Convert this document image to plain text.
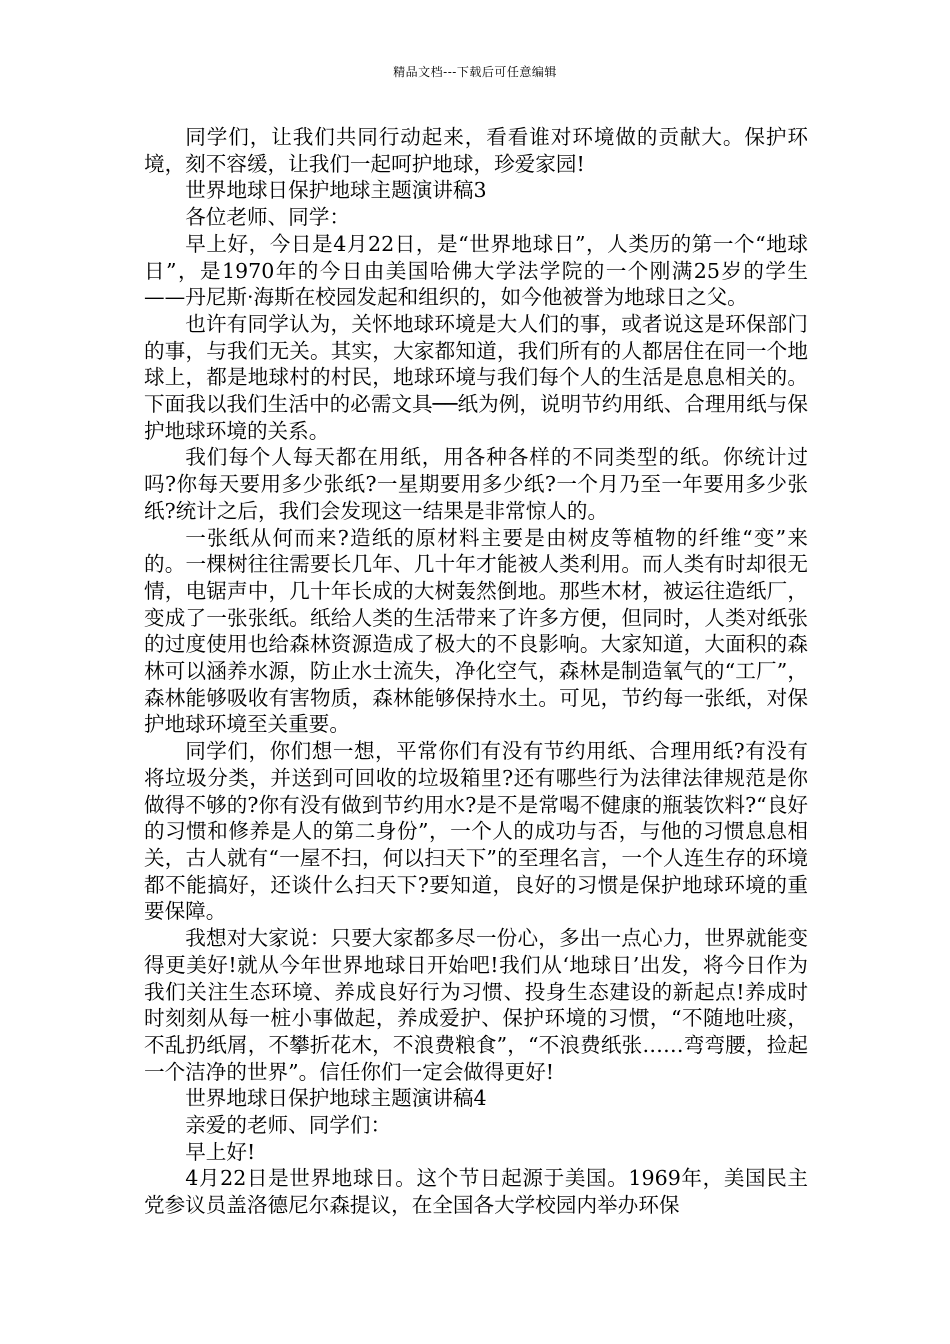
精品文档---下载后可任意编辑

同学们，让我们共同行动起来，看看谁对环境做的贡献大。保护环境，刻不容缓，让我们一起呵护地球，珍爱家园!

世界地球日保护地球主题演讲稿3

各位老师、同学：

早上好，今日是4月22日，是“世界地球日”，人类历的第一个“地球日”，是1970年的今日由美国哈佛大学法学院的一个刚满25岁的学生——丹尼斯·海斯在校园发起和组织的，如今他被誉为地球日之父。

也许有同学认为，关怀地球环境是大人们的事，或者说这是环保部门的事，与我们无关。其实，大家都知道，我们所有的人都居住在同一个地球上，都是地球村的村民，地球环境与我们每个人的生活是息息相关的。下面我以我们生活中的必需文具──纸为例，说明节约用纸、合理用纸与保护地球环境的关系。

我们每个人每天都在用纸，用各种各样的不同类型的纸。你统计过吗?你每天要用多少张纸?一星期要用多少纸?一个月乃至一年要用多少张纸?统计之后，我们会发现这一结果是非常惊人的。

一张纸从何而来?造纸的原材料主要是由树皮等植物的纤维“变”来的。一棵树往往需要长几年、几十年才能被人类利用。而人类有时却很无情，电锯声中，几十年长成的大树轰然倒地。那些木材，被运往造纸厂，变成了一张张纸。纸给人类的生活带来了许多方便，但同时，人类对纸张的过度使用也给森林资源造成了极大的不良影响。大家知道，大面积的森林可以涵养水源，防止水士流失，净化空气，森林是制造氧气的“工厂”，森林能够吸收有害物质，森林能够保持水土。可见，节约每一张纸，对保护地球环境至关重要。

同学们，你们想一想，平常你们有没有节约用纸、合理用纸?有没有将垃圾分类，并送到可回收的垃圾箱里?还有哪些行为法律法律规范是你做得不够的?你有没有做到节约用水?是不是常喝不健康的瓶装饮料?“良好的习惯和修养是人的第二身份”，一个人的成功与否，与他的习惯息息相关，古人就有“一屋不扫，何以扫天下”的至理名言，一个人连生存的环境都不能搞好，还谈什么扫天下?要知道，良好的习惯是保护地球环境的重要保障。

我想对大家说：只要大家都多尽一份心，多出一点心力，世界就能变得更美好!就从今年世界地球日开始吧!我们从‘地球日’出发，将今日作为我们关注生态环境、养成良好行为习惯、投身生态建设的新起点!养成时时刻刻从每一桩小事做起，养成爱护、保护环境的习惯，“不随地吐痰，不乱扔纸屑，不攀折花木，不浪费粮食”，“不浪费纸张……弯弯腰，捡起一个洁净的世界”。信任你们一定会做得更好!

世界地球日保护地球主题演讲稿4

亲爱的老师、同学们：

早上好!

4月22日是世界地球日。这个节日起源于美国。1969年，美国民主党参议员盖洛德尼尔森提议，在全国各大学校园内举办环保
